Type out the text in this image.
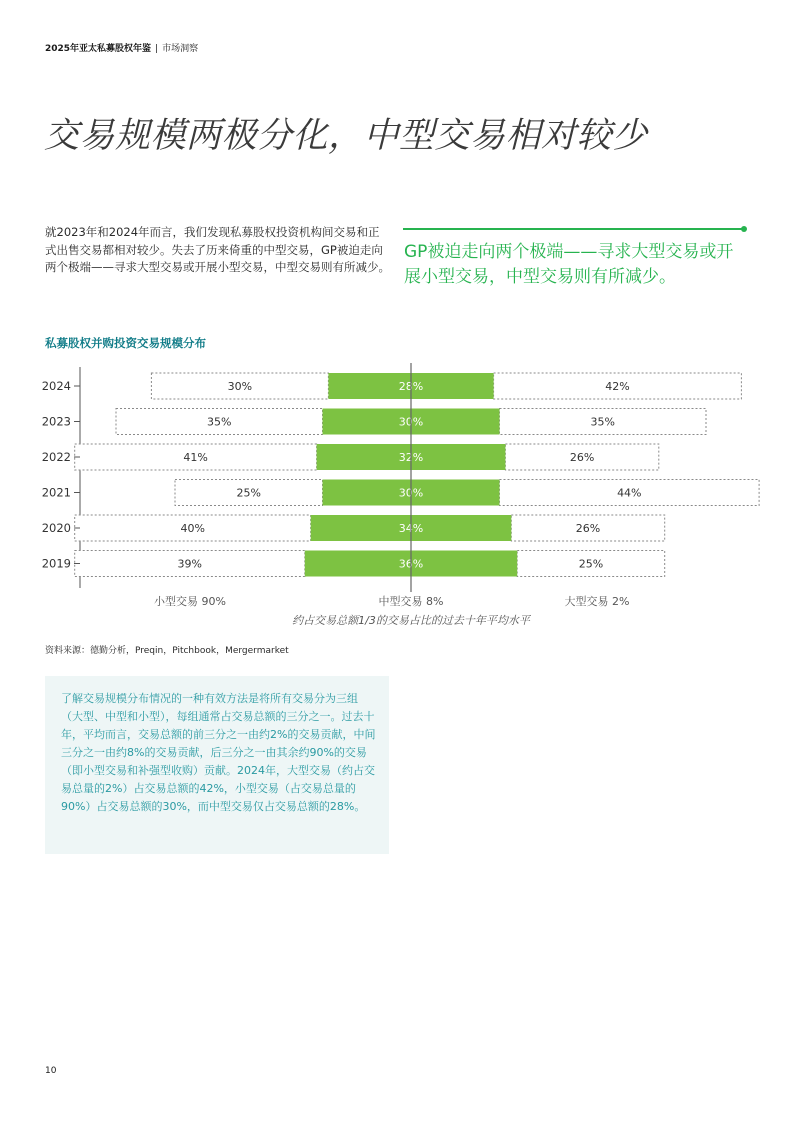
2025年亚太私募股权年鉴 | 市场洞察
交易规模两极分化，中型交易相对较少
就2023年和2024年而言，我们发现私募股权投资机构间交易和正式出售交易都相对较少。失去了历来倚重的中型交易，GP被迫走向两个极端——寻求大型交易或开展小型交易，中型交易则有所减少。
GP被迫走向两个极端——寻求大型交易或开展小型交易，中型交易则有所减少。
私募股权并购投资交易规模分布
2024	30%	28%	42%
2023	35%	30%	35%
2022	41%	32%	26%
2021	25%	30%	44%
2020	40%	34%	26%
2019	39%	36%	25%
小型交易 90%	中型交易 8%	大型交易 2%
约占交易总额1/3的交易占比的过去十年平均水平
资料来源：德勤分析，Preqin，Pitchbook，Mergermarket
了解交易规模分布情况的一种有效方法是将所有交易分为三组（大型、中型和小型），每组通常占交易总额的三分之一。过去十年，平均而言，交易总额的前三分之一由约2%的交易贡献，中间三分之一由约8%的交易贡献，后三分之一由其余约90%的交易（即小型交易和补强型收购）贡献。2024年，大型交易（约占交易总量的2%）占交易总额的42%，小型交易（占交易总量的90%）占交易总额的30%，而中型交易仅占交易总额的28%。
10
